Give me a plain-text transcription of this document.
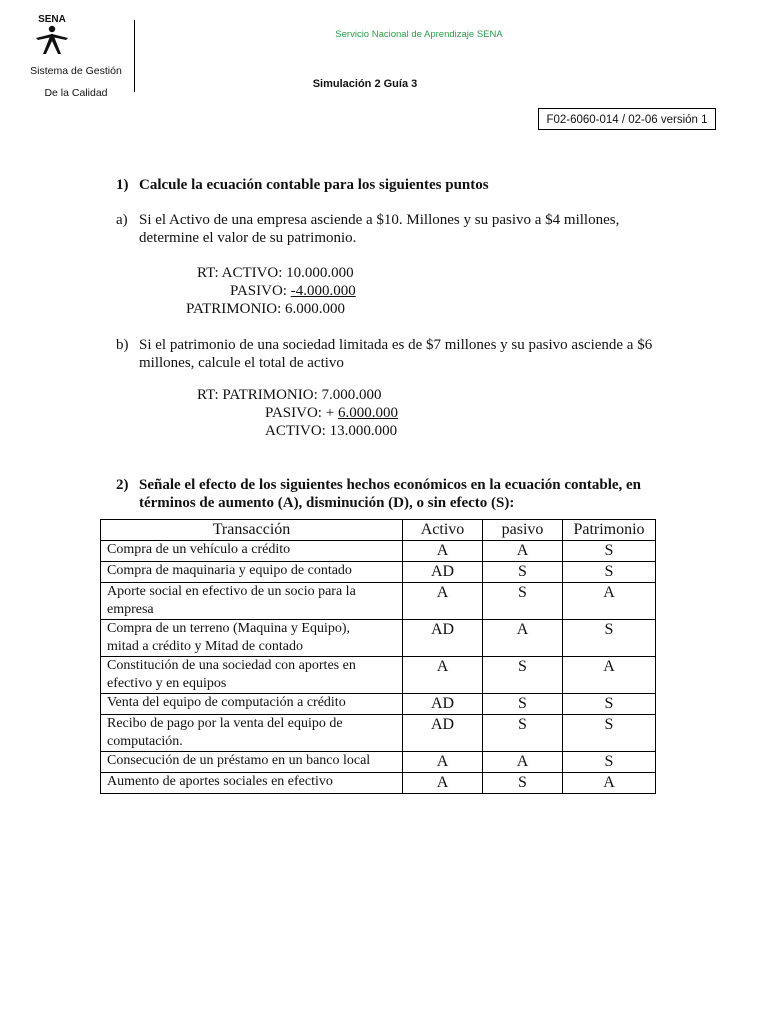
SENA
Sistema de Gestión
De la Calidad
Servicio Nacional de Aprendizaje SENA
Simulación 2 Guía 3
F02-6060-014 / 02-06 versión 1
1) Calcule la ecuación contable para los siguientes puntos
a) Si el Activo de una empresa asciende a $10. Millones y su pasivo a $4 millones,
determine el valor de su patrimonio.
RT: ACTIVO: 10.000.000
PASIVO: -4.000.000
PATRIMONIO: 6.000.000
b) Si el patrimonio de una sociedad limitada es de $7 millones y su pasivo asciende a $6
millones, calcule el total de activo
RT: PATRIMONIO: 7.000.000
PASIVO: + 6.000.000
ACTIVO: 13.000.000
2) Señale el efecto de los siguientes hechos económicos en la ecuación contable, en
términos de aumento (A), disminución (D), o sin efecto (S):
Transacción	Activo	pasivo	Patrimonio

Compra de un vehículo a crédito	A	A	S

Compra de maquinaria y equipo de contado	AD	S	S

Aporte social en efectivo de un socio para la
empresa	A	S	A

Compra de un terreno (Maquina y Equipo),
mitad a crédito y Mitad de contado	AD	A	S

Constitución de una sociedad con aportes en
efectivo y en equipos	A	S	A

Venta del equipo de computación a crédito	AD	S	S

Recibo de pago por la venta del equipo de
computación.	AD	S	S

Consecución de un préstamo en un banco local	A	A	S

Aumento de aportes sociales en efectivo	A	S	A
